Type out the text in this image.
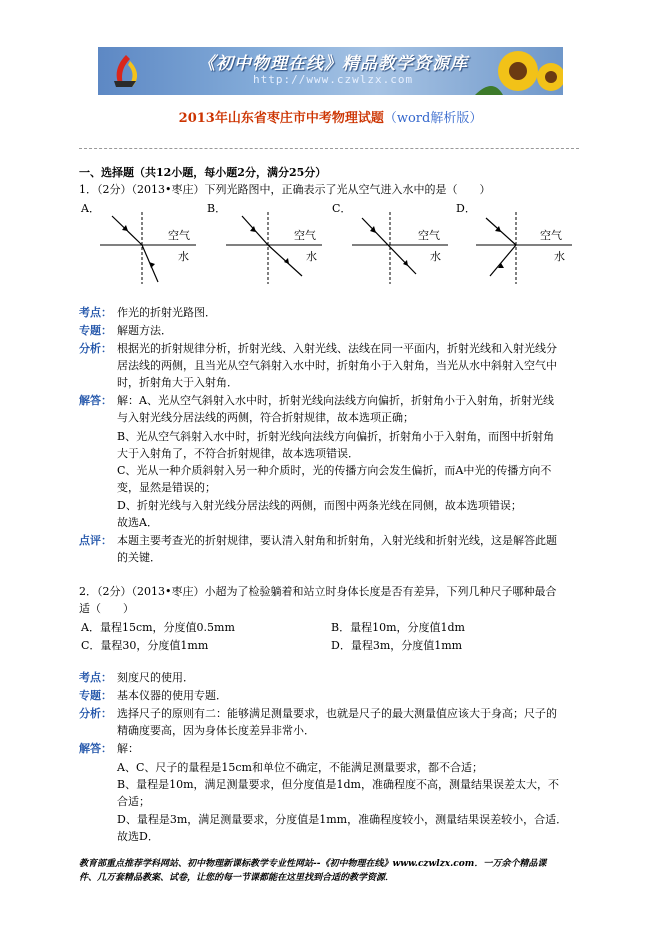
《初中物理在线》精品教学资源库
http://www.czwlzx.com
2013年山东省枣庄市中考物理试题（word解析版）
一、选择题（共12小题，每小题2分，满分25分）
1．（2分）（2013•枣庄）下列光路图中，正确表示了光从空气进入水中的是（　　）
A．	B．	C．	D．
空气
水
空气
水
空气
水
空气
水
考点： 作光的折射光路图．
专题： 解题方法．
分析： 根据光的折射规律分析，折射光线、入射光线、法线在同一平面内，折射光线和入射光线分
居法线的两侧，且当光从空气斜射入水中时，折射角小于入射角，当光从水中斜射入空气中
时，折射角大于入射角．
解答： 解：A、光从空气斜射入水中时，折射光线向法线方向偏折，折射角小于入射角，折射光线
与入射光线分居法线的两侧，符合折射规律，故本选项正确；
B、光从空气斜射入水中时，折射光线向法线方向偏折，折射角小于入射角，而图中折射角
大于入射角了，不符合折射规律，故本选项错误．
C、光从一种介质斜射入另一种介质时，光的传播方向会发生偏折，而A中光的传播方向不
变，显然是错误的；
D、折射光线与入射光线分居法线的两侧，而图中两条光线在同侧，故本选项错误；
故选A．
点评： 本题主要考查光的折射规律，要认清入射角和折射角，入射光线和折射光线，这是解答此题
的关键．
2．（2分）（2013•枣庄）小超为了检验躺着和站立时身体长度是否有差异，下列几种尺子哪种最合
适（　　）
A．量程15cm，分度值0.5mm	B．量程10m，分度值1dm
C．量程30，分度值1mm	D．量程3m，分度值1mm
考点： 刻度尺的使用．
专题： 基本仪器的使用专题．
分析： 选择尺子的原则有二：能够满足测量要求，也就是尺子的最大测量值应该大于身高；尺子的
精确度要高，因为身体长度差异非常小．
解答： 解：
A、C、尺子的量程是15cm和单位不确定，不能满足测量要求，都不合适；
B、量程是10m，满足测量要求，但分度值是1dm，准确程度不高，测量结果误差太大，不
合适；
D、量程是3m，满足测量要求，分度值是1mm，准确程度较小，测量结果误差较小，合适．
故选D．
教育部重点推荐学科网站、初中物理新课标教学专业性网站--《初中物理在线》www.czwlzx.com．一万余个精品课
件、几万套精品教案、试卷，让您的每一节课都能在这里找到合适的教学资源．
